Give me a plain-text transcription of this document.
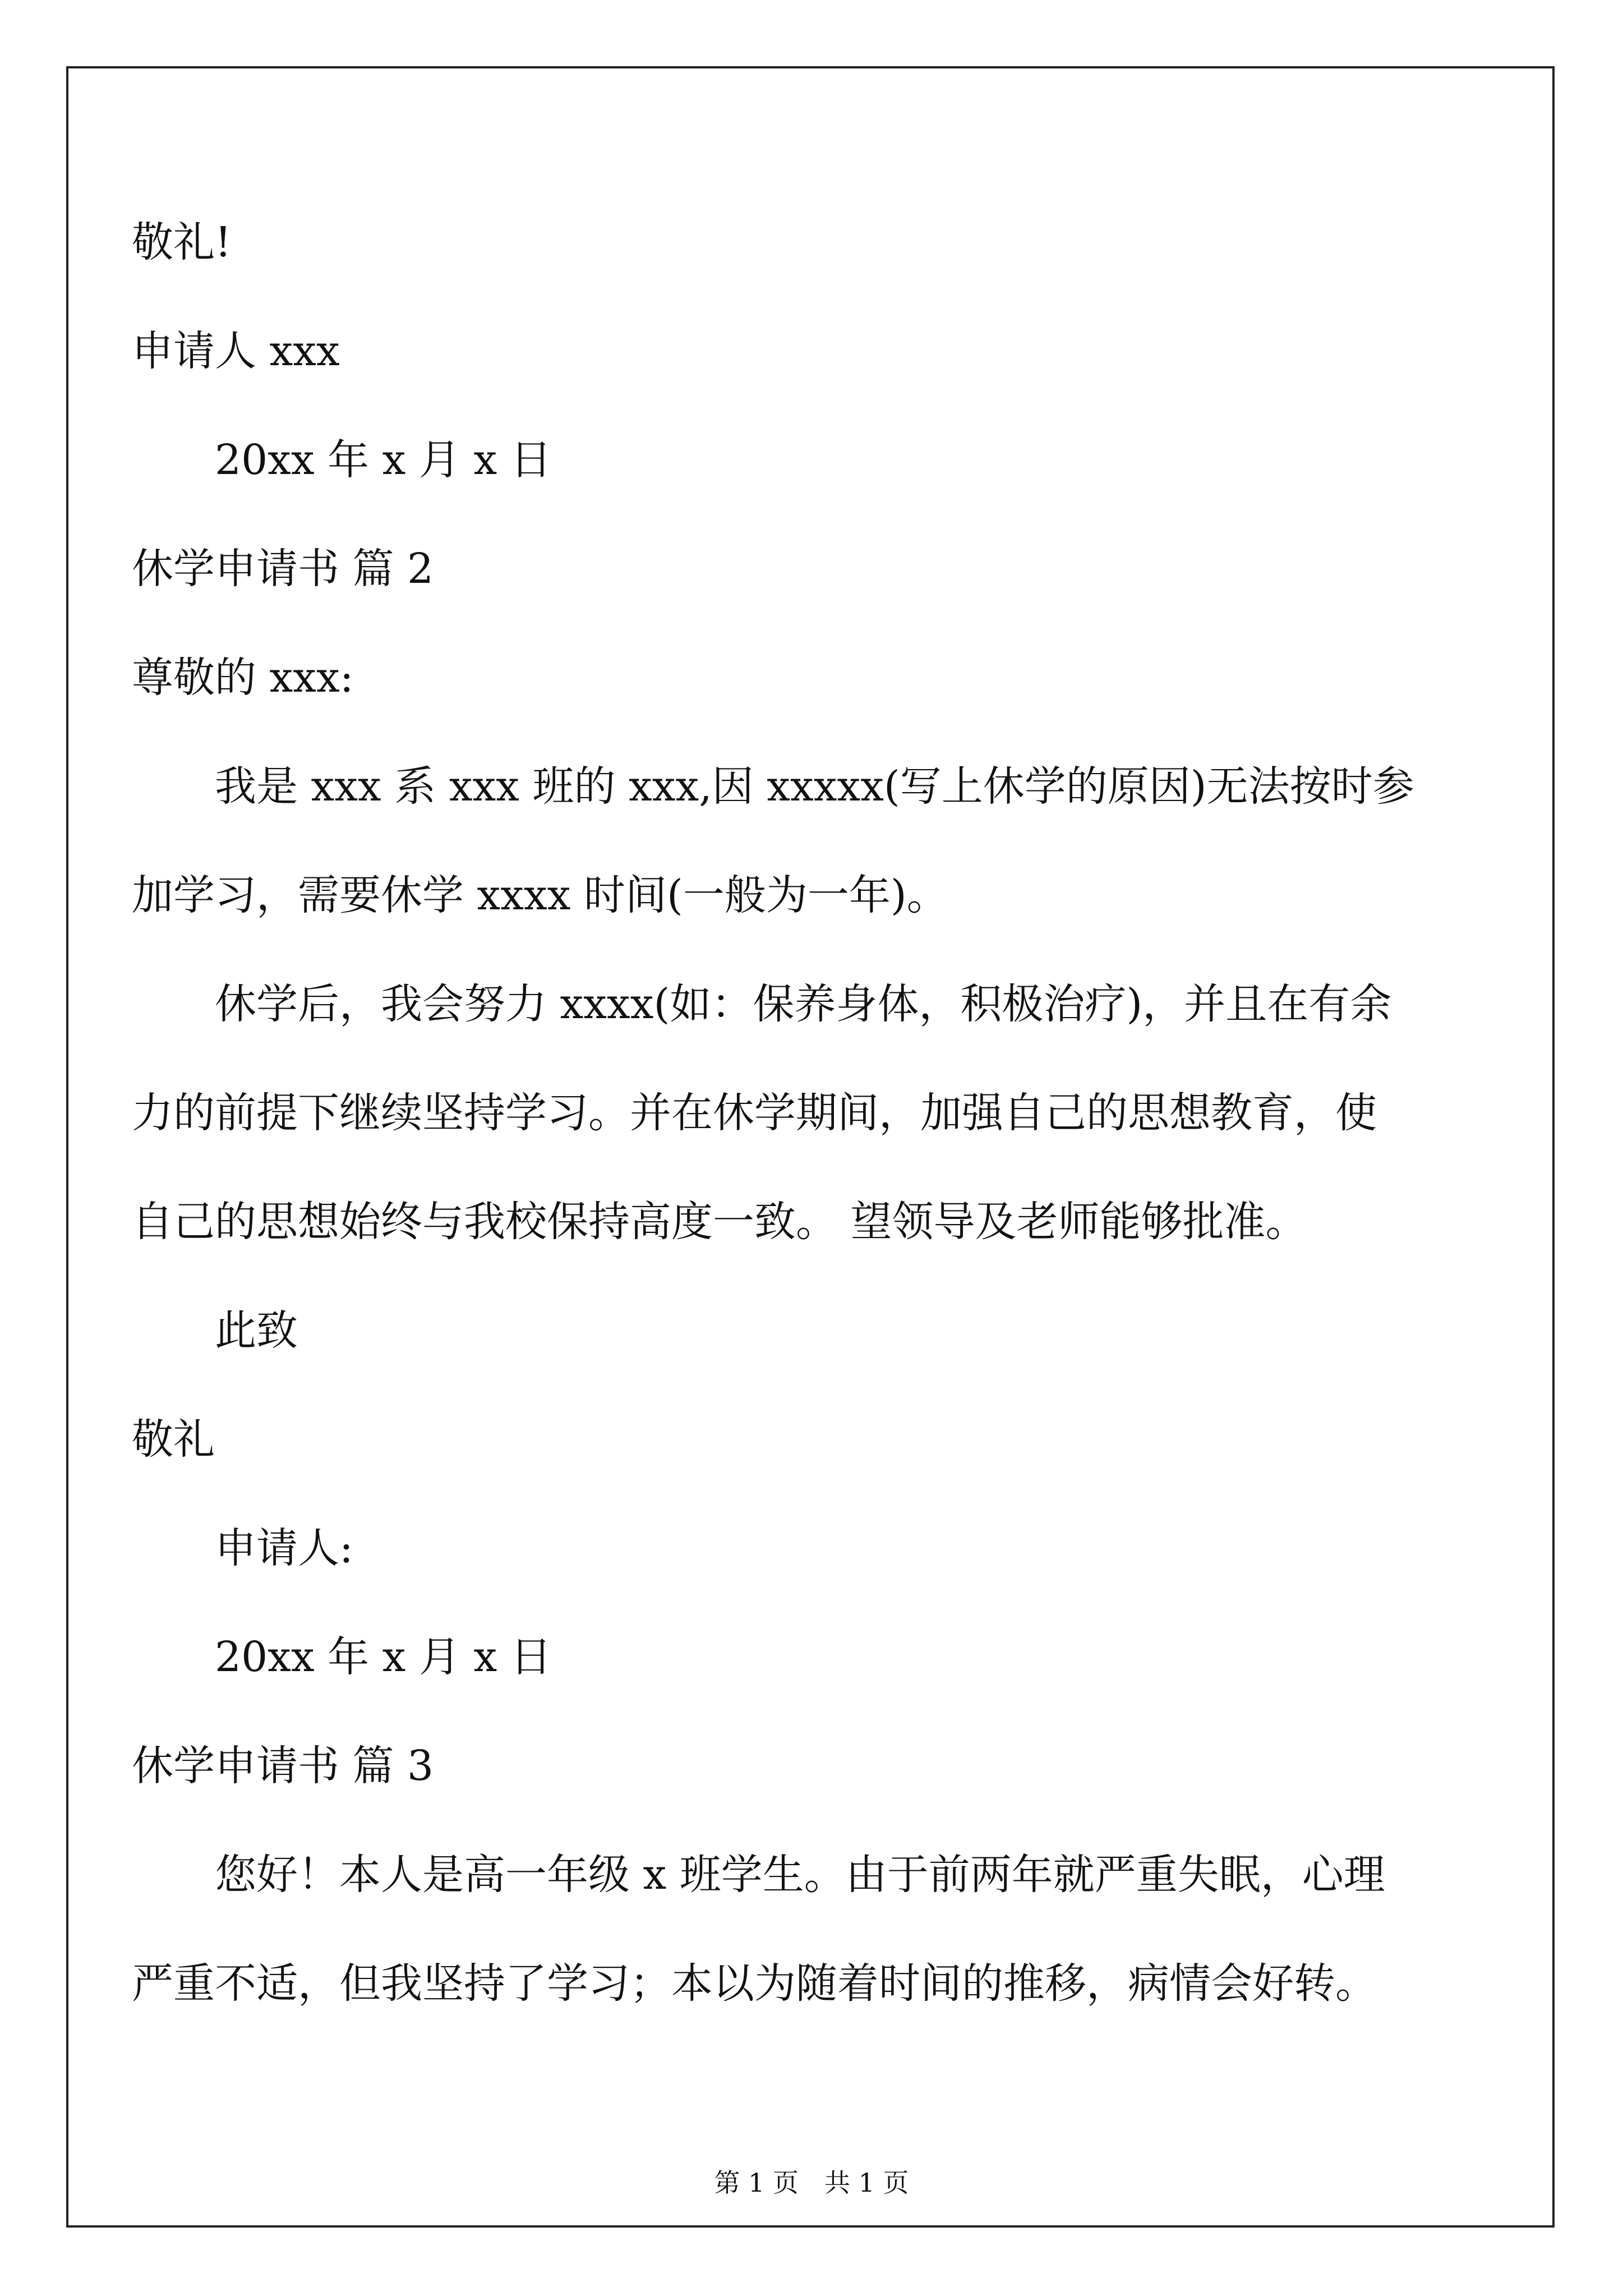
敬礼!
申请人 xxx
20xx 年 x 月 x 日
休学申请书 篇 2
尊敬的 xxx:
我是 xxx 系 xxx 班的 xxx,因 xxxxx(写上休学的原因)无法按时参
加学习，需要休学 xxxx 时间(一般为一年)。
休学后，我会努力 xxxx(如：保养身体，积极治疗)，并且在有余
力的前提下继续坚持学习。并在休学期间，加强自己的思想教育，使
自己的思想始终与我校保持高度一致。 望领导及老师能够批准。
此致
敬礼
申请人:
20xx 年 x 月 x 日
休学申请书 篇 3
您好！本人是高一年级 x 班学生。由于前两年就严重失眠，心理
严重不适，但我坚持了学习；本以为随着时间的推移，病情会好转。
第 1 页　共 1 页
